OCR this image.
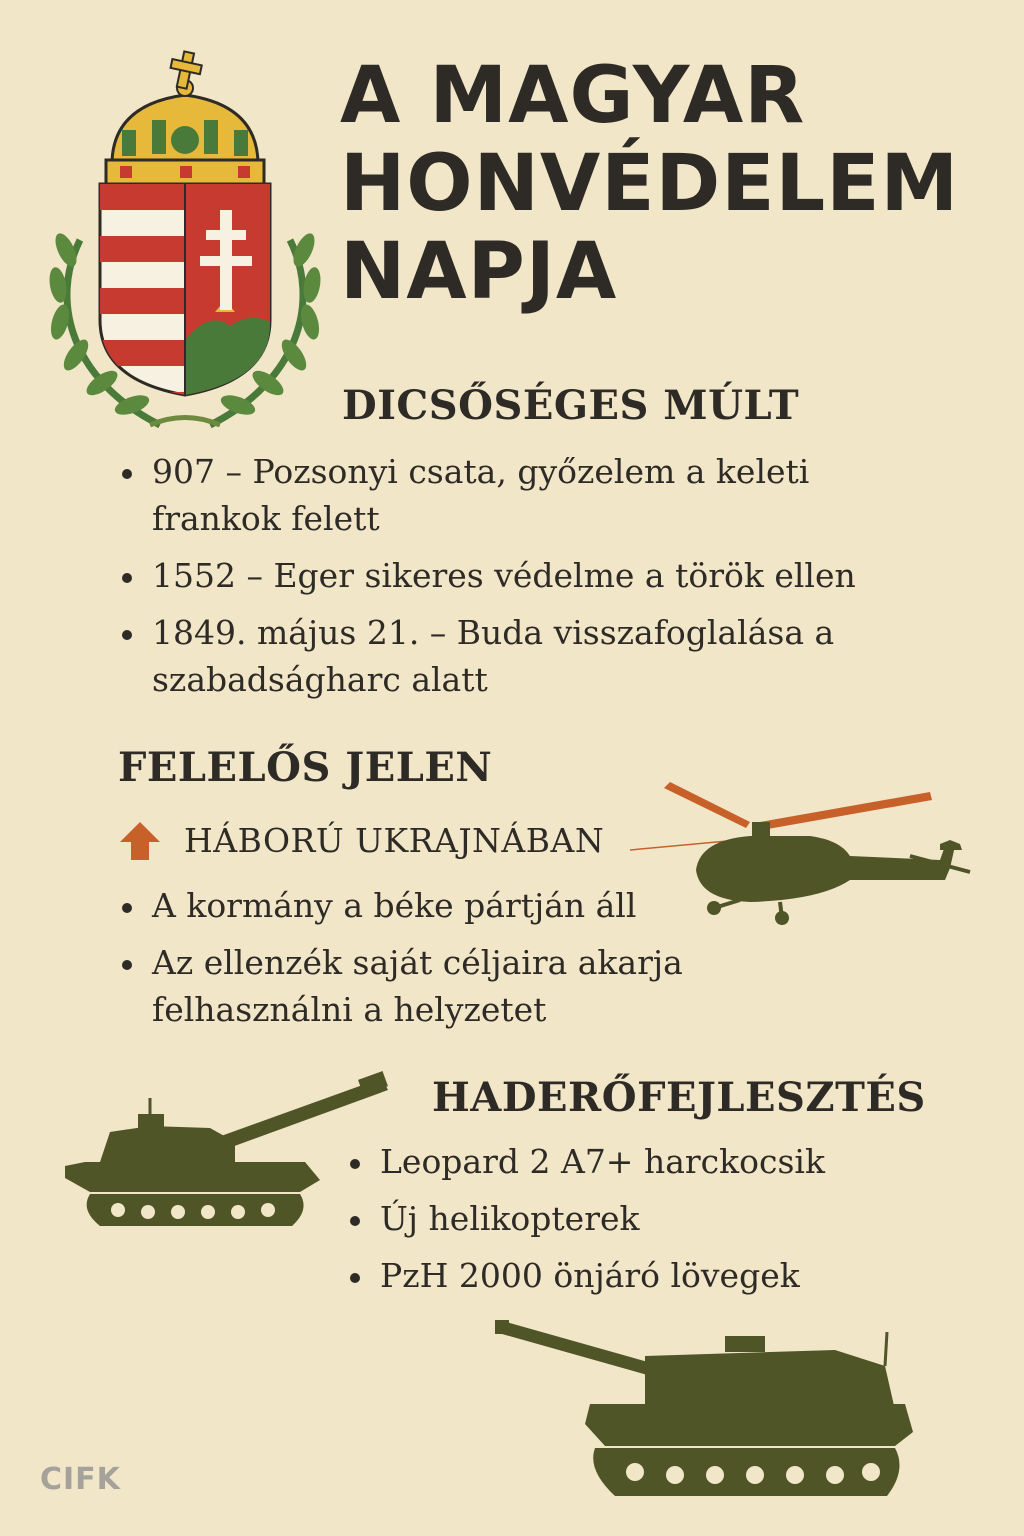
A MAGYAR
HONVÉDELEM
NAPJA
DICSŐSÉGES MÚLT
907 – Pozsonyi csata, győzelem a keleti frankok felett
1552 – Eger sikeres védelme a török ellen
1849. május 21. – Buda visszafoglalása a szabadságharc alatt
FELELŐS JELEN
HÁBORÚ UKRAJNÁBAN
A kormány a béke pártján áll
Az ellenzék saját céljaira akarja felhasználni a helyzetet
HADERŐFEJLESZTÉS
Leopard 2 A7+ harckocsik
Új helikopterek
PzH 2000 önjáró lövegek
CIFK
